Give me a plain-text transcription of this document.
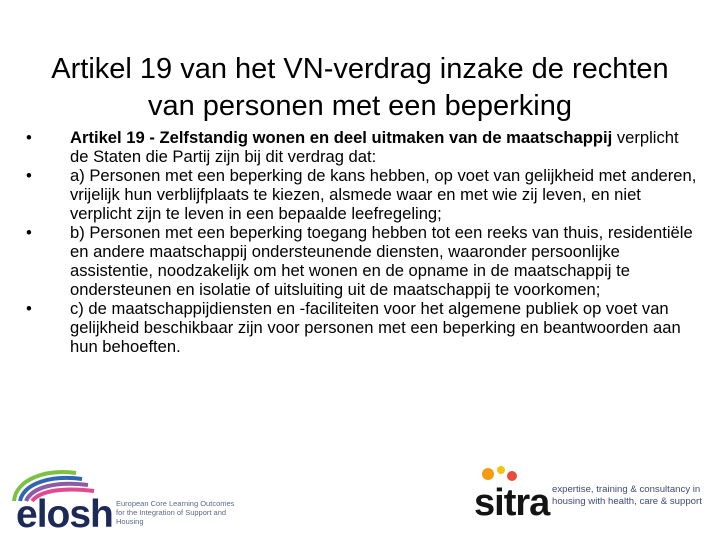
Artikel 19 van het VN-verdrag inzake de rechten van personen met een beperking
•	Artikel 19 - Zelfstandig wonen en deel uitmaken van de maatschappij verplicht de Staten die Partij zijn bij dit verdrag dat:
•	a) Personen met een beperking de kans hebben, op voet van gelijkheid met anderen, vrijelijk hun verblijfplaats te kiezen, alsmede waar en met wie zij leven, en niet verplicht zijn te leven in een bepaalde leefregeling;
•	b) Personen met een beperking toegang hebben tot een reeks van thuis, residentiële en andere maatschappij ondersteunende diensten, waaronder persoonlijke assistentie, noodzakelijk om het wonen en de opname in de maatschappij te ondersteunen en isolatie of uitsluiting uit de maatschappij te voorkomen;
•	c) de maatschappijdiensten en -faciliteiten voor het algemene publiek op voet van gelijkheid beschikbaar zijn voor personen met een beperking en beantwoorden aan hun behoeften.
elosh European Core Learning Outcomes for the Integration of Support and Housing	sitra expertise, training & consultancy in
housing with health, care & support
